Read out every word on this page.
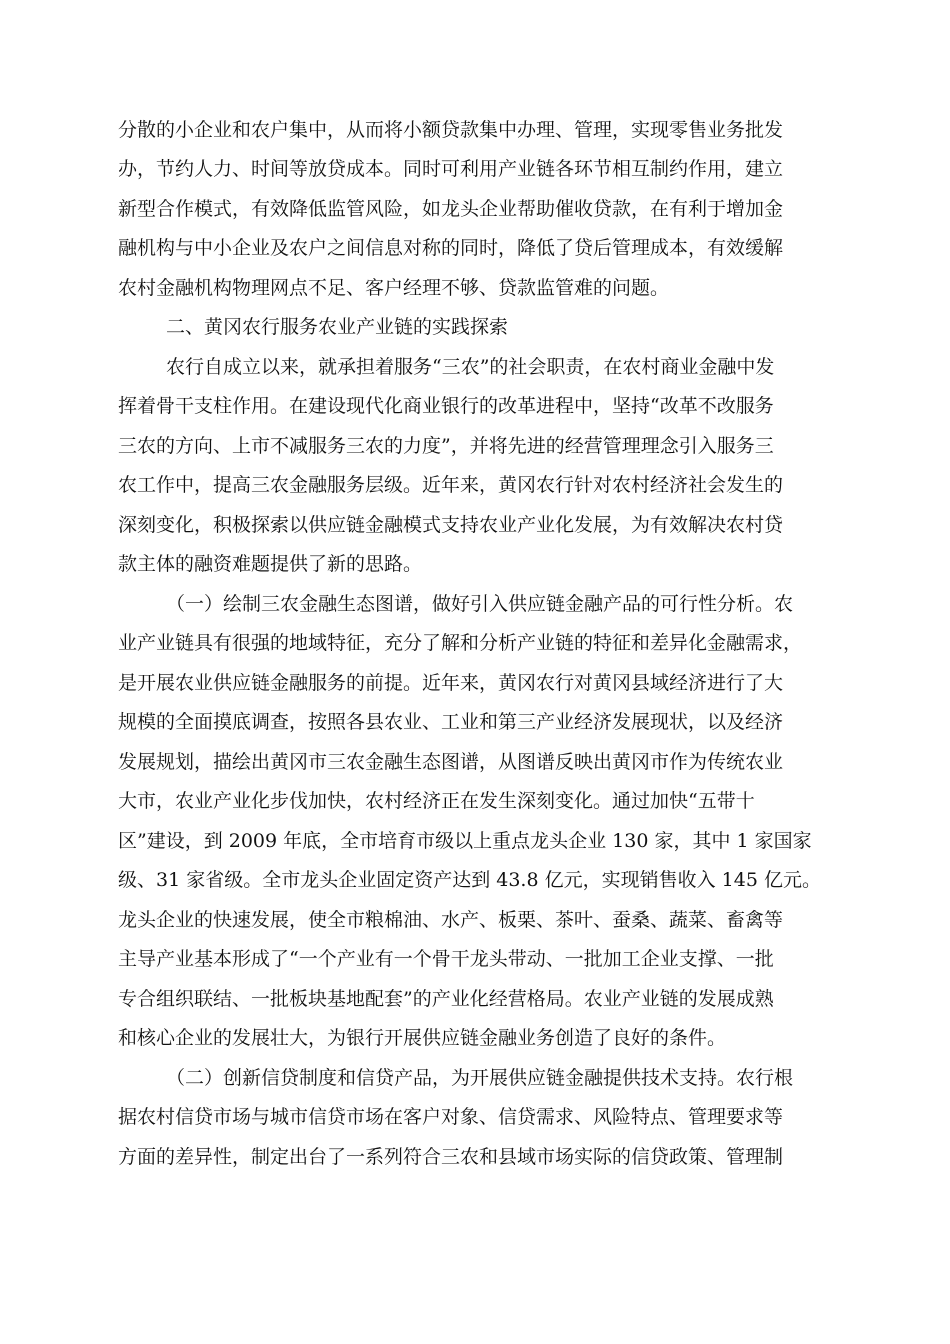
分散的小企业和农户集中，从而将小额贷款集中办理、管理，实现零售业务批发
办，节约人力、时间等放贷成本。同时可利用产业链各环节相互制约作用，建立
新型合作模式，有效降低监管风险，如龙头企业帮助催收贷款，在有利于增加金
融机构与中小企业及农户之间信息对称的同时，降低了贷后管理成本，有效缓解
农村金融机构物理网点不足、客户经理不够、贷款监管难的问题。
二、黄冈农行服务农业产业链的实践探索
农行自成立以来，就承担着服务“三农”的社会职责，在农村商业金融中发
挥着骨干支柱作用。在建设现代化商业银行的改革进程中，坚持“改革不改服务
三农的方向、上市不减服务三农的力度”，并将先进的经营管理理念引入服务三
农工作中，提高三农金融服务层级。近年来，黄冈农行针对农村经济社会发生的
深刻变化，积极探索以供应链金融模式支持农业产业化发展，为有效解决农村贷
款主体的融资难题提供了新的思路。
（一）绘制三农金融生态图谱，做好引入供应链金融产品的可行性分析。农
业产业链具有很强的地域特征，充分了解和分析产业链的特征和差异化金融需求，
是开展农业供应链金融服务的前提。近年来，黄冈农行对黄冈县域经济进行了大
规模的全面摸底调查，按照各县农业、工业和第三产业经济发展现状，以及经济
发展规划，描绘出黄冈市三农金融生态图谱，从图谱反映出黄冈市作为传统农业
大市，农业产业化步伐加快，农村经济正在发生深刻变化。通过加快“五带十
区”建设，到 2009 年底，全市培育市级以上重点龙头企业 130 家，其中 1 家国家
级、31 家省级。全市龙头企业固定资产达到 43.8 亿元，实现销售收入 145 亿元。
龙头企业的快速发展，使全市粮棉油、水产、板栗、茶叶、蚕桑、蔬菜、畜禽等
主导产业基本形成了“一个产业有一个骨干龙头带动、一批加工企业支撑、一批
专合组织联结、一批板块基地配套”的产业化经营格局。农业产业链的发展成熟
和核心企业的发展壮大，为银行开展供应链金融业务创造了良好的条件。
（二）创新信贷制度和信贷产品，为开展供应链金融提供技术支持。农行根
据农村信贷市场与城市信贷市场在客户对象、信贷需求、风险特点、管理要求等
方面的差异性，制定出台了一系列符合三农和县域市场实际的信贷政策、管理制
